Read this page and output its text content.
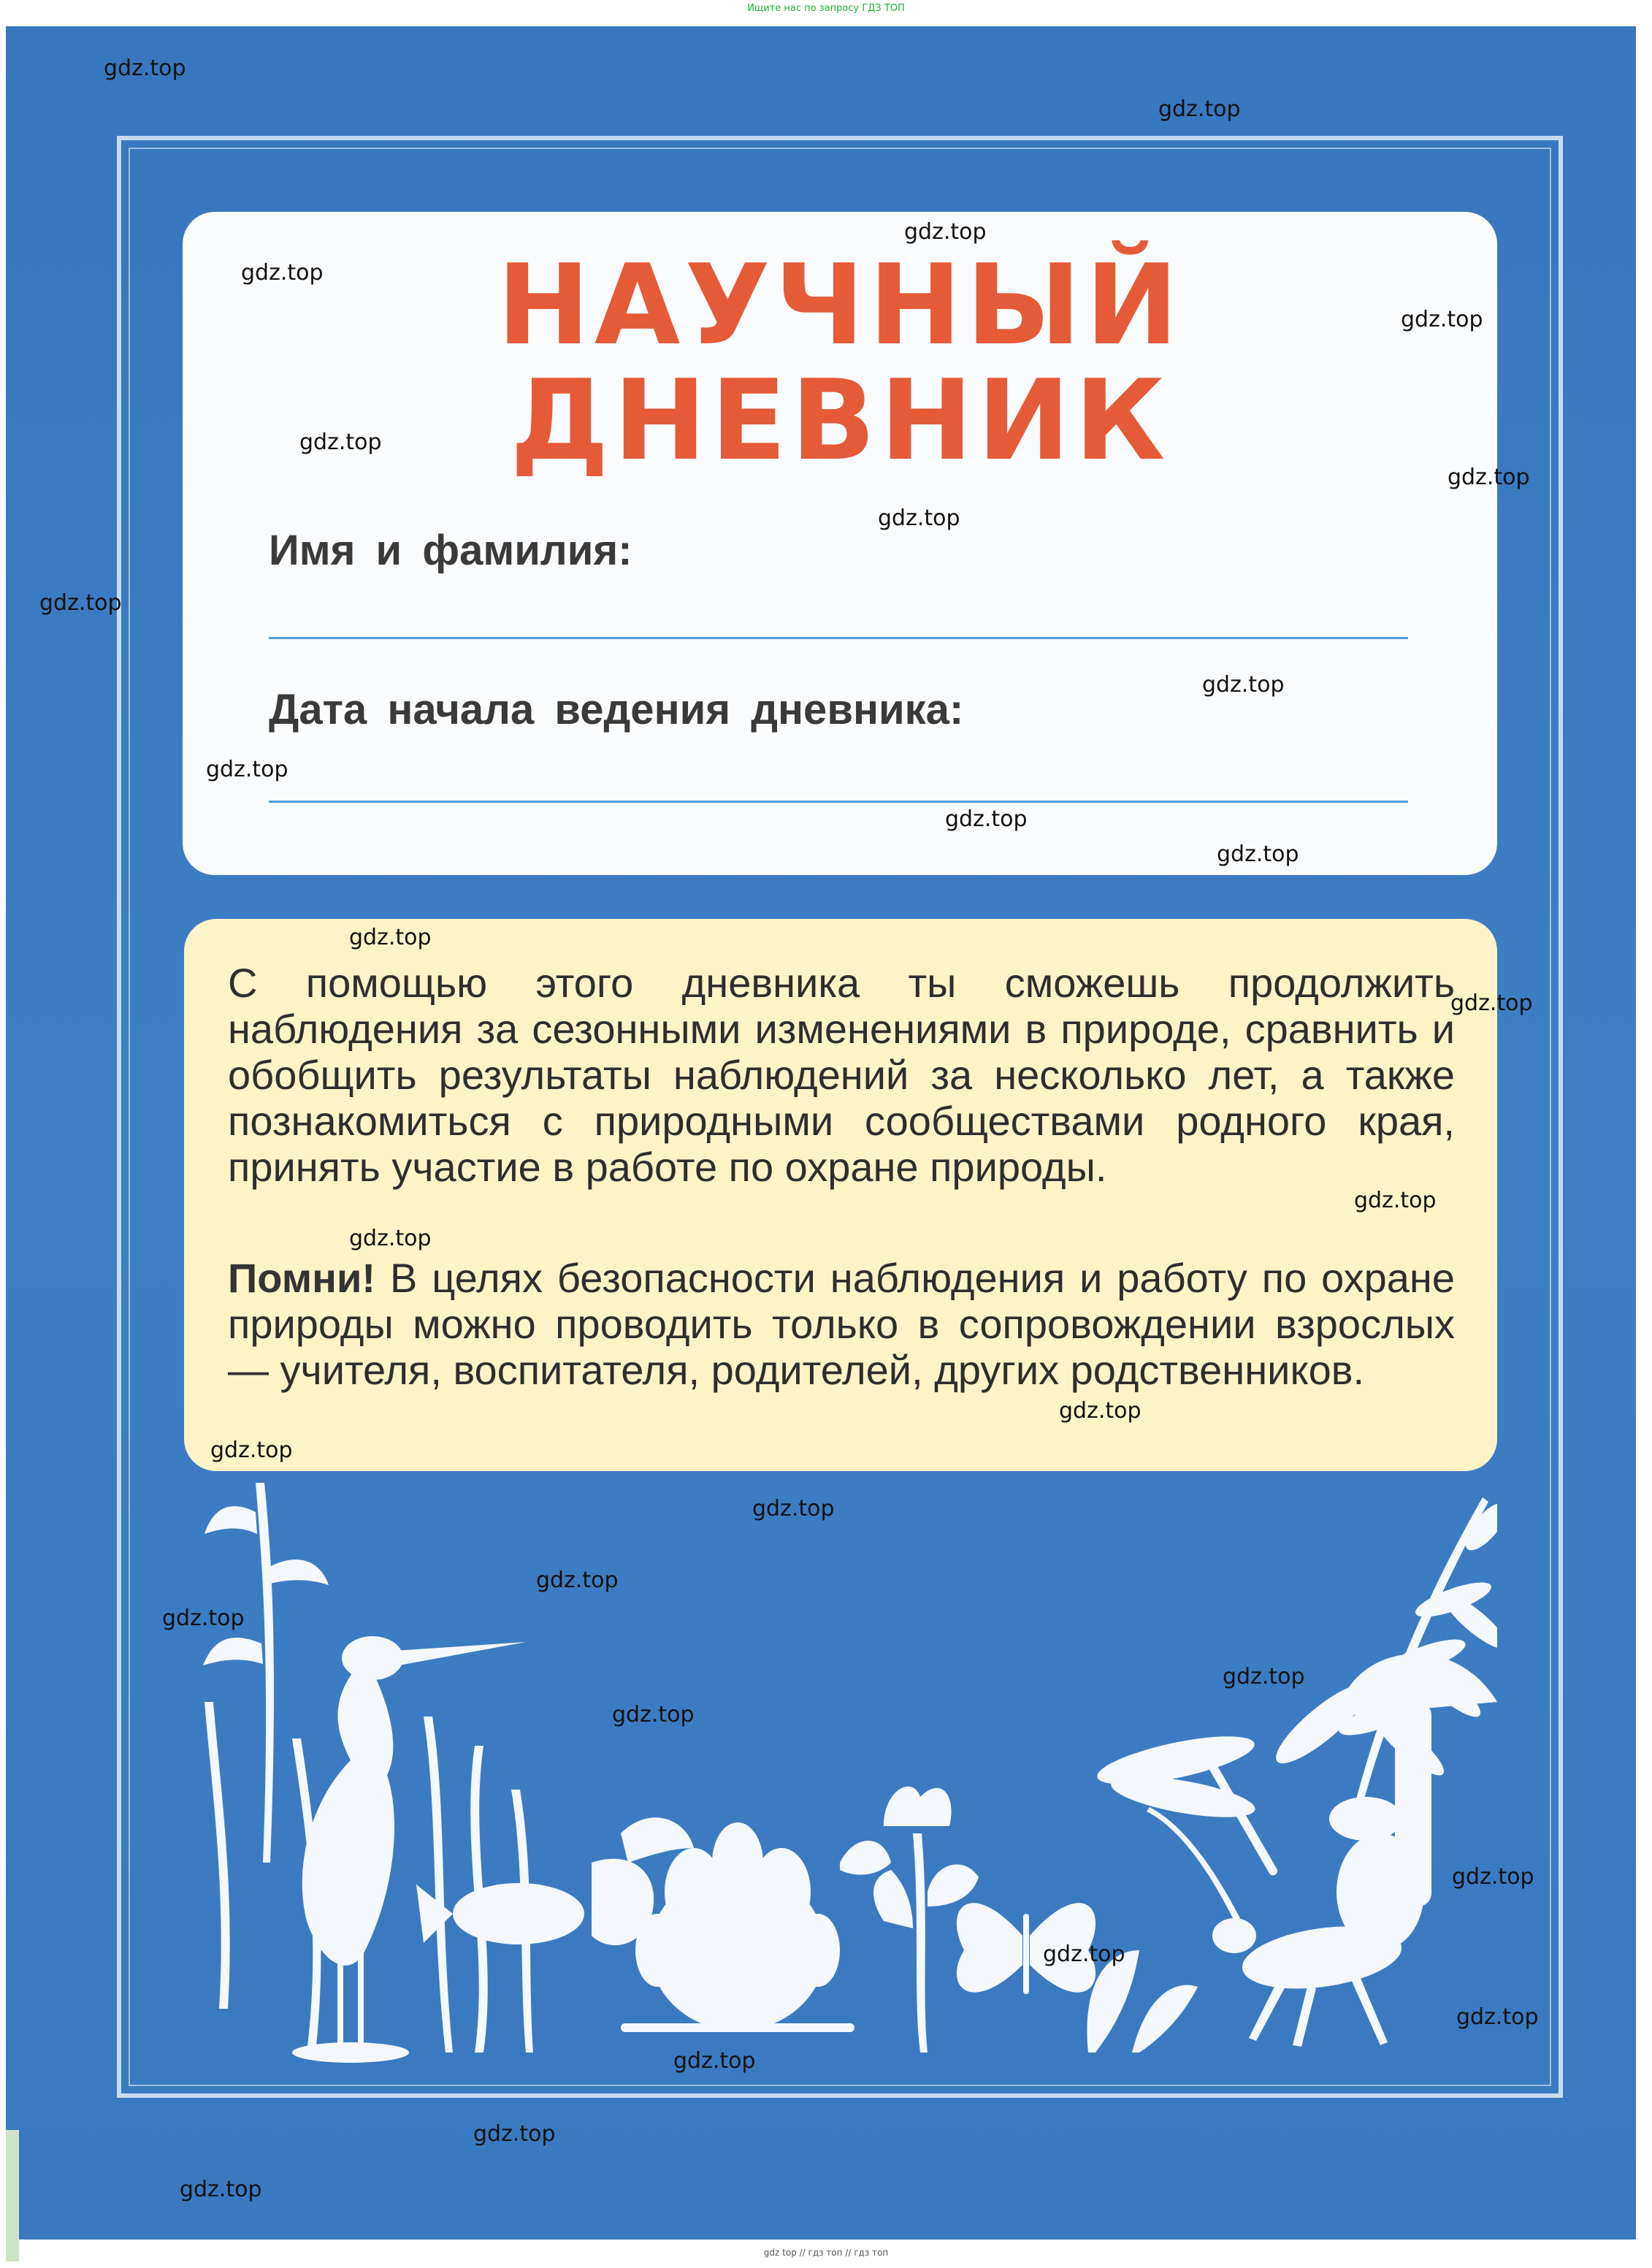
Ищите нас по запросу ГДЗ ТОП
НАУЧНЫЙ
ДНЕВНИК
Имя и фамилия:
Дата начала ведения дневника:
С помощью этого дневника ты сможешь продолжить наблюдения за сезонными изменениями в природе, сравнить и обобщить результаты наблюдений за несколько лет, а также познакомиться с природными сообществами родного края, принять участие в работе по охране природы.
Помни! В целях безопасности наблюдения и работу по охране природы можно проводить только в сопровождении взрослых — учителя, воспитателя, родителей, других родственников.
gdz.top
gdz.top
gdz.top
gdz.top
gdz.top
gdz.top
gdz.top
gdz.top
gdz.top
gdz.top
gdz.top
gdz.top
gdz.top
gdz.top
gdz.top
gdz.top
gdz.top
gdz.top
gdz.top
gdz.top
gdz.top
gdz.top
gdz.top
gdz.top
gdz.top
gdz.top
gdz.top
gdz.top
gdz.top
gdz.top
gdz top // гдз топ // гдз топ
